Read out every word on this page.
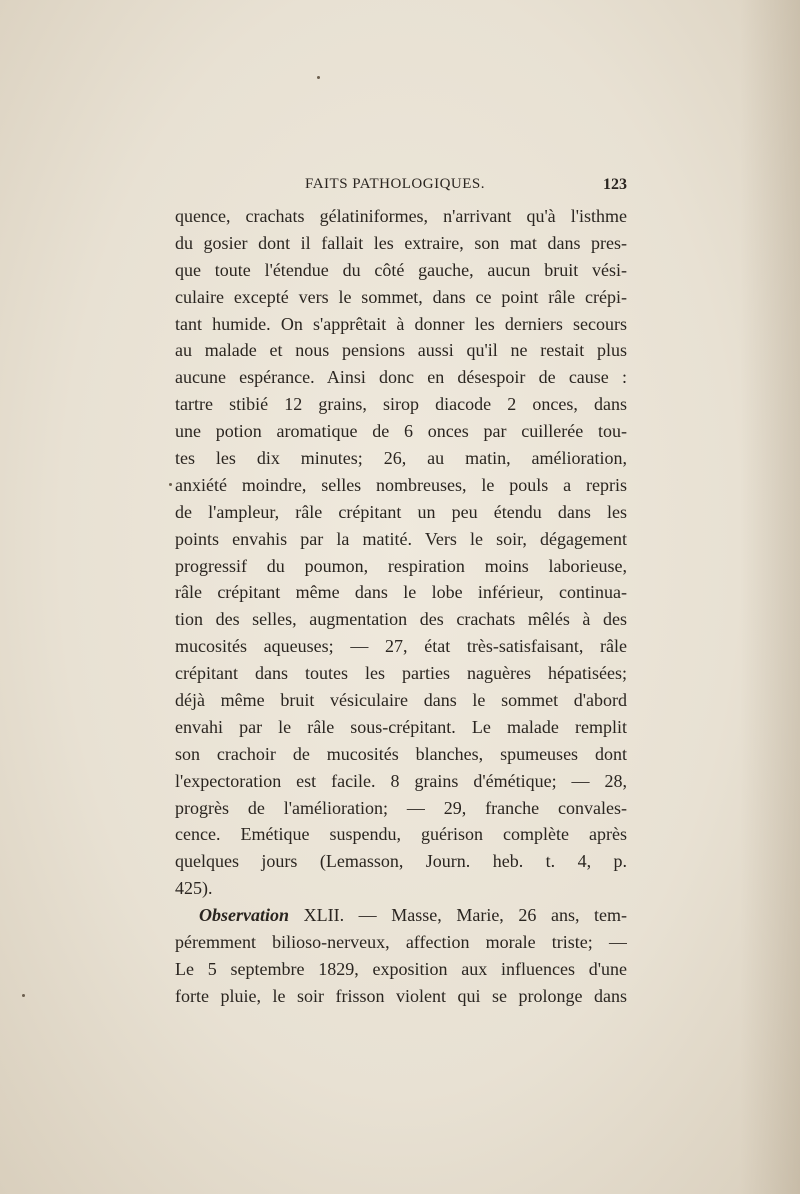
FAITS PATHOLOGIQUES.	123
quence, crachats gélatiniformes, n'arrivant qu'à l'isthme
du gosier dont il fallait les extraire, son mat dans pres-
que toute l'étendue du côté gauche, aucun bruit vési-
culaire excepté vers le sommet, dans ce point râle crépi-
tant humide. On s'apprêtait à donner les derniers secours
au malade et nous pensions aussi qu'il ne restait plus
aucune espérance. Ainsi donc en désespoir de cause :
tartre stibié 12 grains, sirop diacode 2 onces, dans
une potion aromatique de 6 onces par cuillerée tou-
tes les dix minutes; 26, au matin, amélioration,
anxiété moindre, selles nombreuses, le pouls a repris
de l'ampleur, râle crépitant un peu étendu dans les
points envahis par la matité. Vers le soir, dégagement
progressif du poumon, respiration moins laborieuse,
râle crépitant même dans le lobe inférieur, continua-
tion des selles, augmentation des crachats mêlés à des
mucosités aqueuses; — 27, état très-satisfaisant, râle
crépitant dans toutes les parties naguères hépatisées;
déjà même bruit vésiculaire dans le sommet d'abord
envahi par le râle sous-crépitant. Le malade remplit
son crachoir de mucosités blanches, spumeuses dont
l'expectoration est facile. 8 grains d'émétique; — 28,
progrès de l'amélioration; — 29, franche convales-
cence. Emétique suspendu, guérison complète après
quelques jours (Lemasson, Journ. heb. t. 4, p.
425).
Observation XLII. — Masse, Marie, 26 ans, tem-
péremment bilioso-nerveux, affection morale triste; —
Le 5 septembre 1829, exposition aux influences d'une
forte pluie, le soir frisson violent qui se prolonge dans
